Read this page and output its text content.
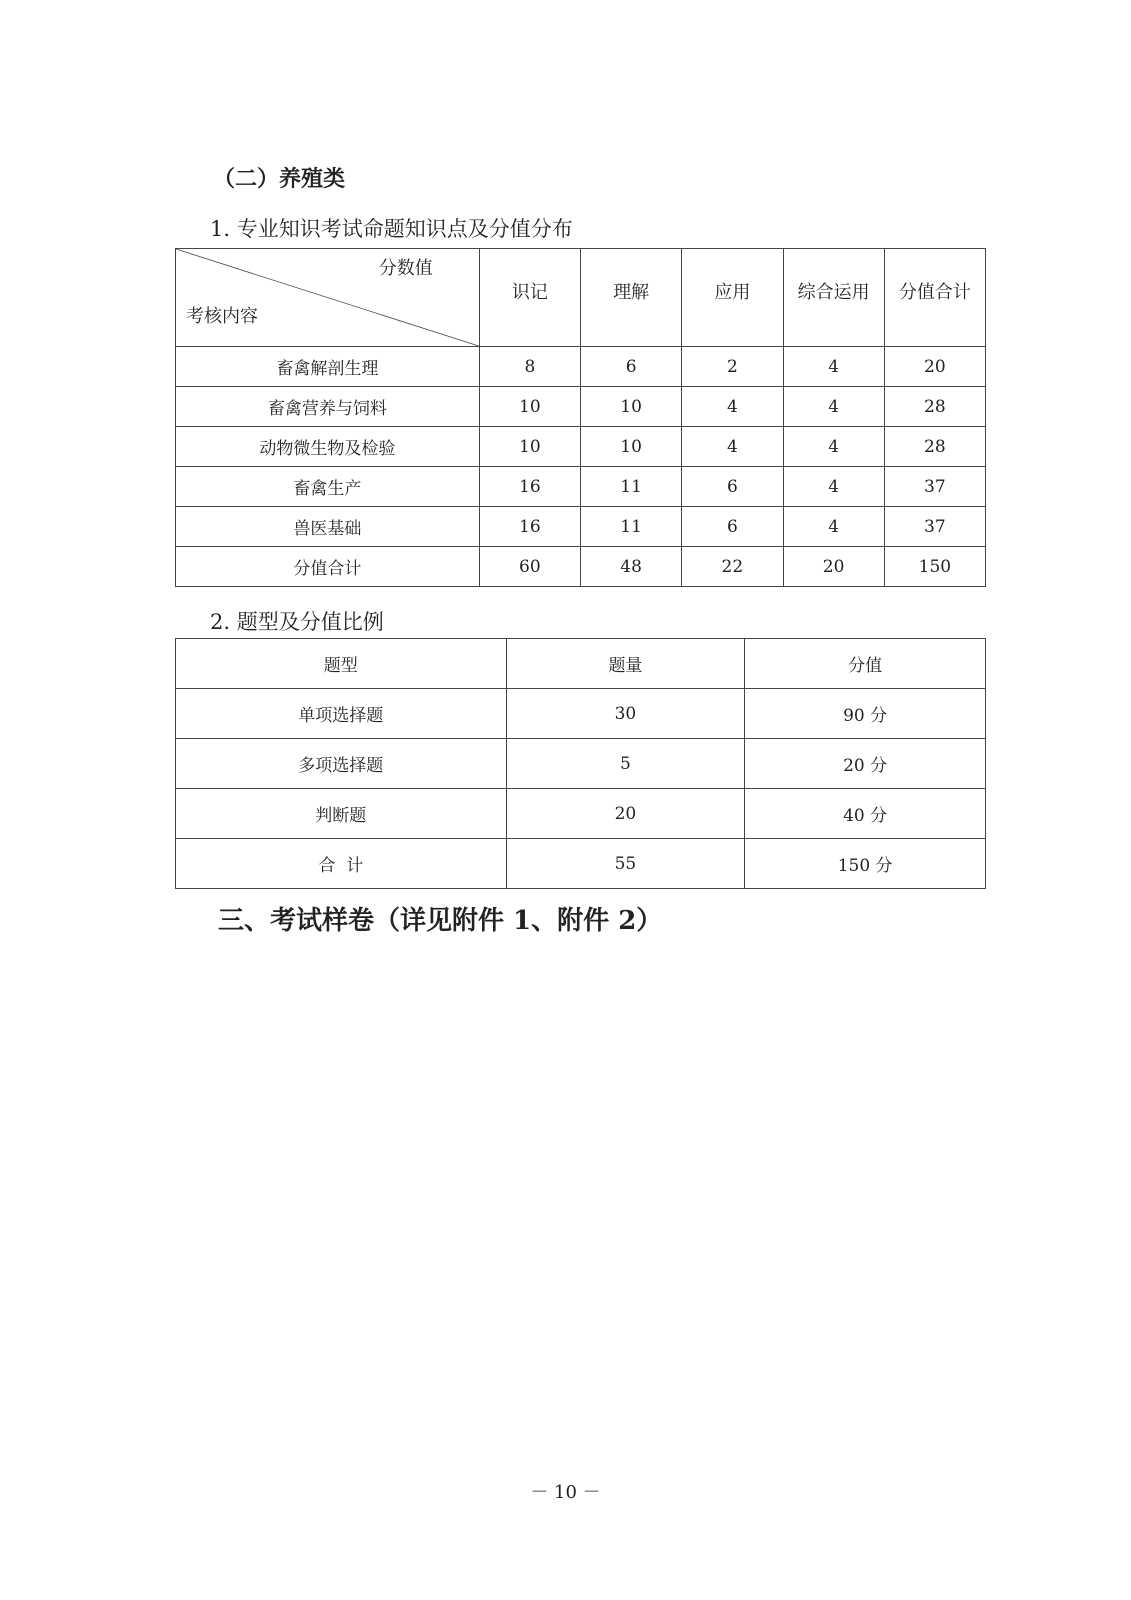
（二）养殖类

1. 专业知识考试命题知识点及分值分布

分数值
考核内容	识记	理解	应用	综合运用	分值合计
畜禽解剖生理	8	6	2	4	20
畜禽营养与饲料	10	10	4	4	28
动物微生物及检验	10	10	4	4	28
畜禽生产	16	11	6	4	37
兽医基础	16	11	6	4	37
分值合计	60	48	22	20	150

2. 题型及分值比例

题型	题量	分值
单项选择题	30	90 分
多项选择题	5	20 分
判断题	20	40 分
合  计	55	150 分
三、考试样卷（详见附件 1、附件 2）
－ 10 －
